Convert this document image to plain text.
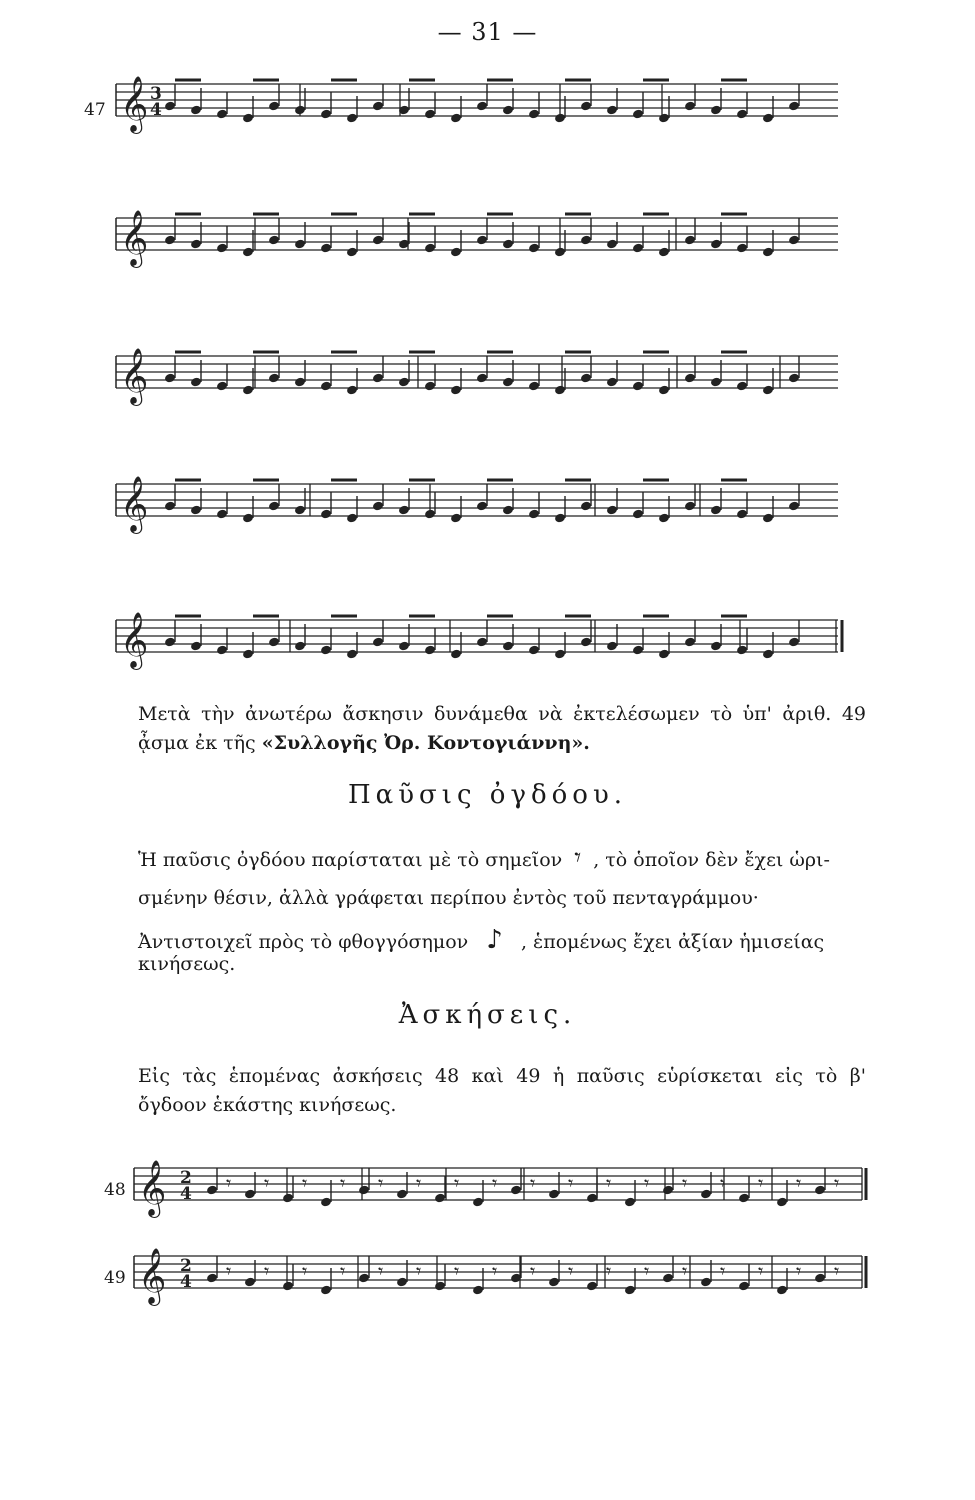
— 31 —
𝄞
𝄞
𝄞
𝄞
𝄞
3
4
𝄞 2
4 𝄾 𝄾 𝄾 𝄾 𝄾 𝄾 𝄾 𝄾 𝄾 𝄾 𝄾 𝄾 𝄾 𝄾 𝄾 𝄾 𝄾
𝄞 2
4 𝄾 𝄾 𝄾 𝄾 𝄾 𝄾 𝄾 𝄾 𝄾 𝄾 𝄾 𝄾 𝄾 𝄾 𝄾 𝄾 𝄾
47
48
49
Μετὰ τὴν ἀνωτέρω ἄσκησιν δυνάμεθα νὰ ἐκτελέσωμεν τὸ ὑπ' ἀριθ. 49
ᾆσμα ἐκ τῆς «Συλλογῆς Ὀρ. Κοντογιάννη».
Παῦσις ὀγδόου.
Ἡ παῦσις ὀγδόου παρίσταται μὲ τὸ σημεῖον 𝄾 , τὸ ὁποῖον δὲν ἔχει ὡρι-
σμένην θέσιν, ἀλλὰ γράφεται περίπου ἐντὸς τοῦ πενταγράμμου·
Ἀντιστοιχεῖ πρὸς τὸ φθογγόσημον ♪ , ἑπομένως ἔχει ἀξίαν ἡμισείας
κινήσεως.
Ἀσκήσεις.
Εἰς τὰς ἑπομένας ἀσκήσεις 48 καὶ 49 ἡ παῦσις εὑρίσκεται εἰς τὸ β'
ὄγδοον ἑκάστης κινήσεως.
